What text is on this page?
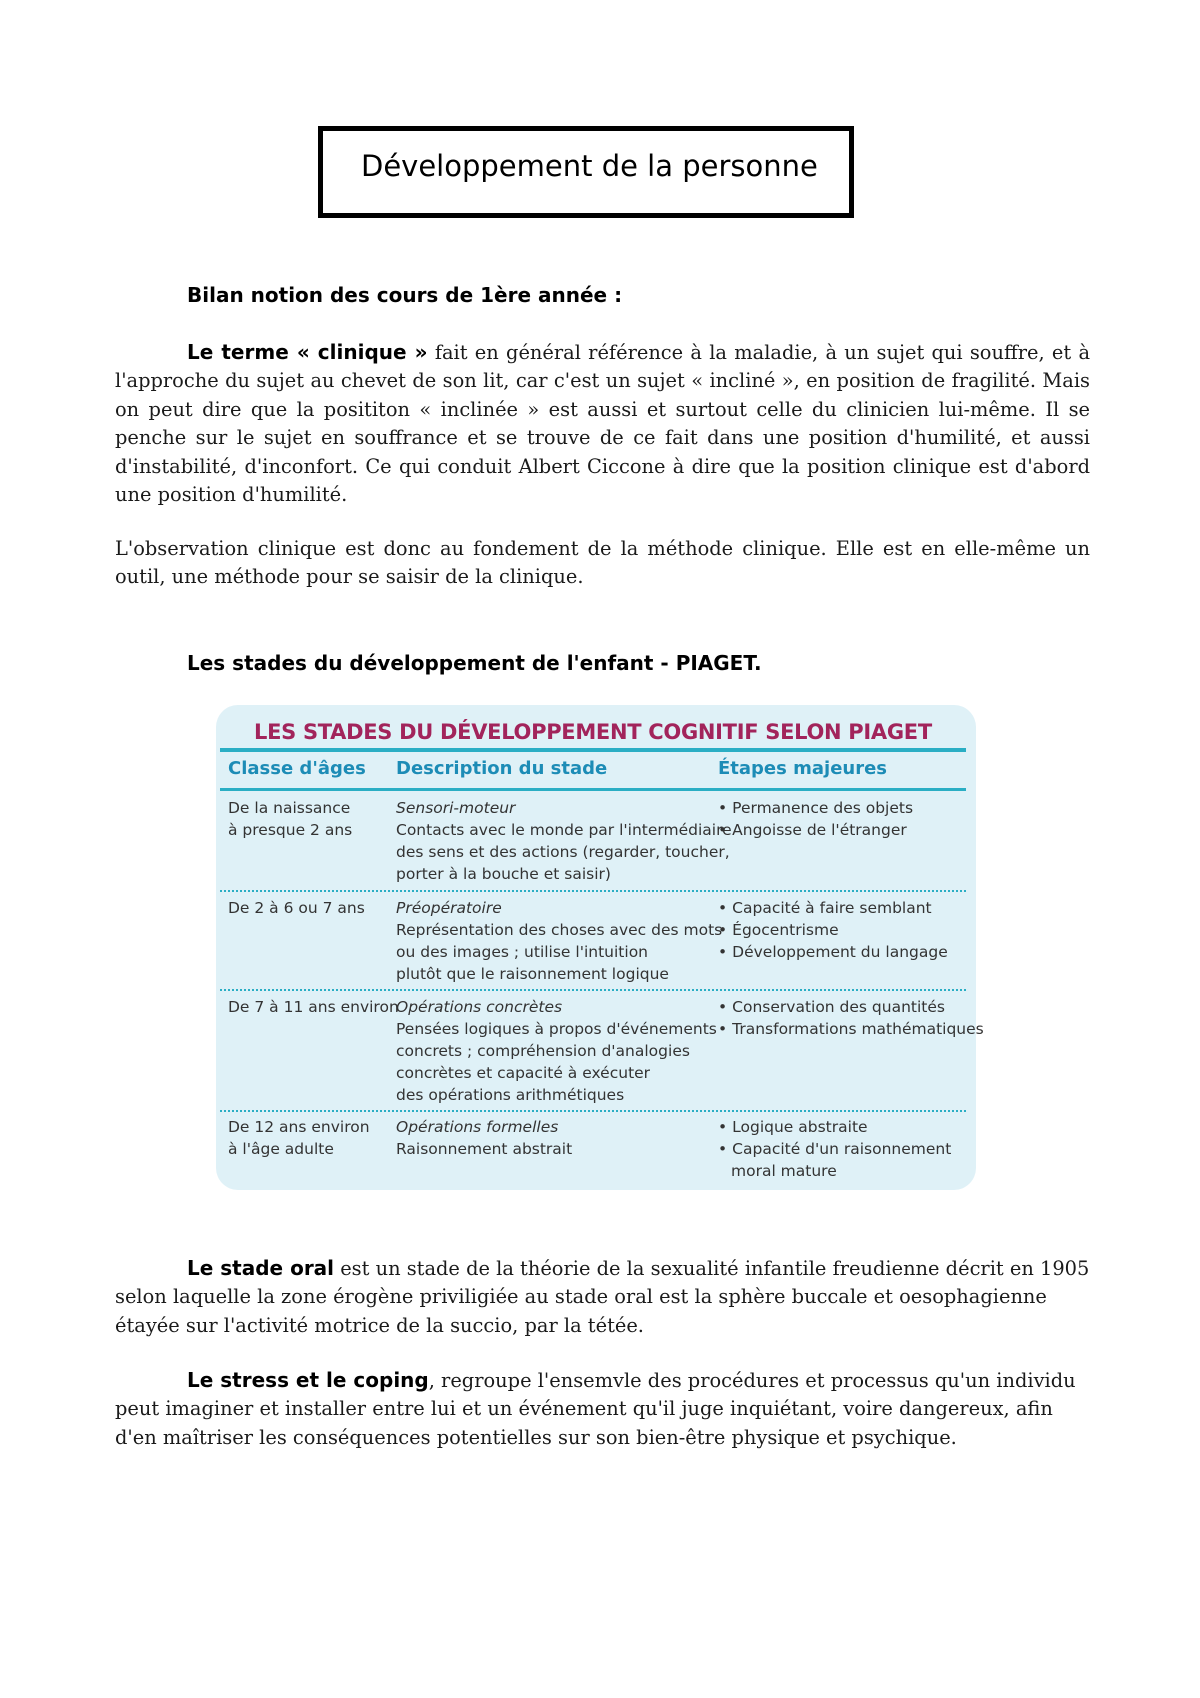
Développement de la personne
Bilan notion des cours de 1ère année :

Le terme « clinique » fait en général référence à la maladie, à un sujet qui souffre, et à l'approche du sujet au chevet de son lit, car c'est un sujet « incliné », en position de fragilité. Mais on peut dire que la posititon « inclinée » est aussi et surtout celle du clinicien lui-même. Il se penche sur le sujet en souffrance et se trouve de ce fait dans une position d'humilité, et aussi d'instabilité, d'inconfort. Ce qui conduit Albert Ciccone à dire que la position clinique est d'abord une position d'humilité.

L'observation clinique est donc au fondement de la méthode clinique. Elle est en elle-même un outil, une méthode pour se saisir de la clinique.

Les stades du développement de l'enfant - PIAGET.
LES STADES DU DÉVELOPPEMENT COGNITIF SELON PIAGET
Classe d'âges Description du stade	Étapes majeures
De la naissance
à presque 2 ans
Sensori-moteur
Contacts avec le monde par l'intermédiaire
des sens et des actions (regarder, toucher,
porter à la bouche et saisir)
• Permanence des objets
• Angoisse de l'étranger
De 2 à 6 ou 7 ans Préopératoire
Représentation des choses avec des mots
ou des images ; utilise l'intuition
plutôt que le raisonnement logique
• Capacité à faire semblant
• Égocentrisme
• Développement du langage
De 7 à 11 ans environ
Opérations concrètes
Pensées logiques à propos d'événements
concrets ; compréhension d'analogies
concrètes et capacité à exécuter
des opérations arithmétiques
• Conservation des quantités
• Transformations mathématiques
De 12 ans environ
à l'âge adulte
Opérations formelles
Raisonnement abstrait
• Logique abstraite
• Capacité d'un raisonnement
moral mature

Le stade oral est un stade de la théorie de la sexualité infantile freudienne décrit en 1905 selon laquelle la zone érogène priviligiée au stade oral est la sphère buccale et oesophagienne étayée sur l'activité motrice de la succio, par la tétée.

Le stress et le coping, regroupe l'ensemvle des procédures et processus qu'un individu peut imaginer et installer entre lui et un événement qu'il juge inquiétant, voire dangereux, afin d'en maîtriser les conséquences potentielles sur son bien-être physique et psychique.
